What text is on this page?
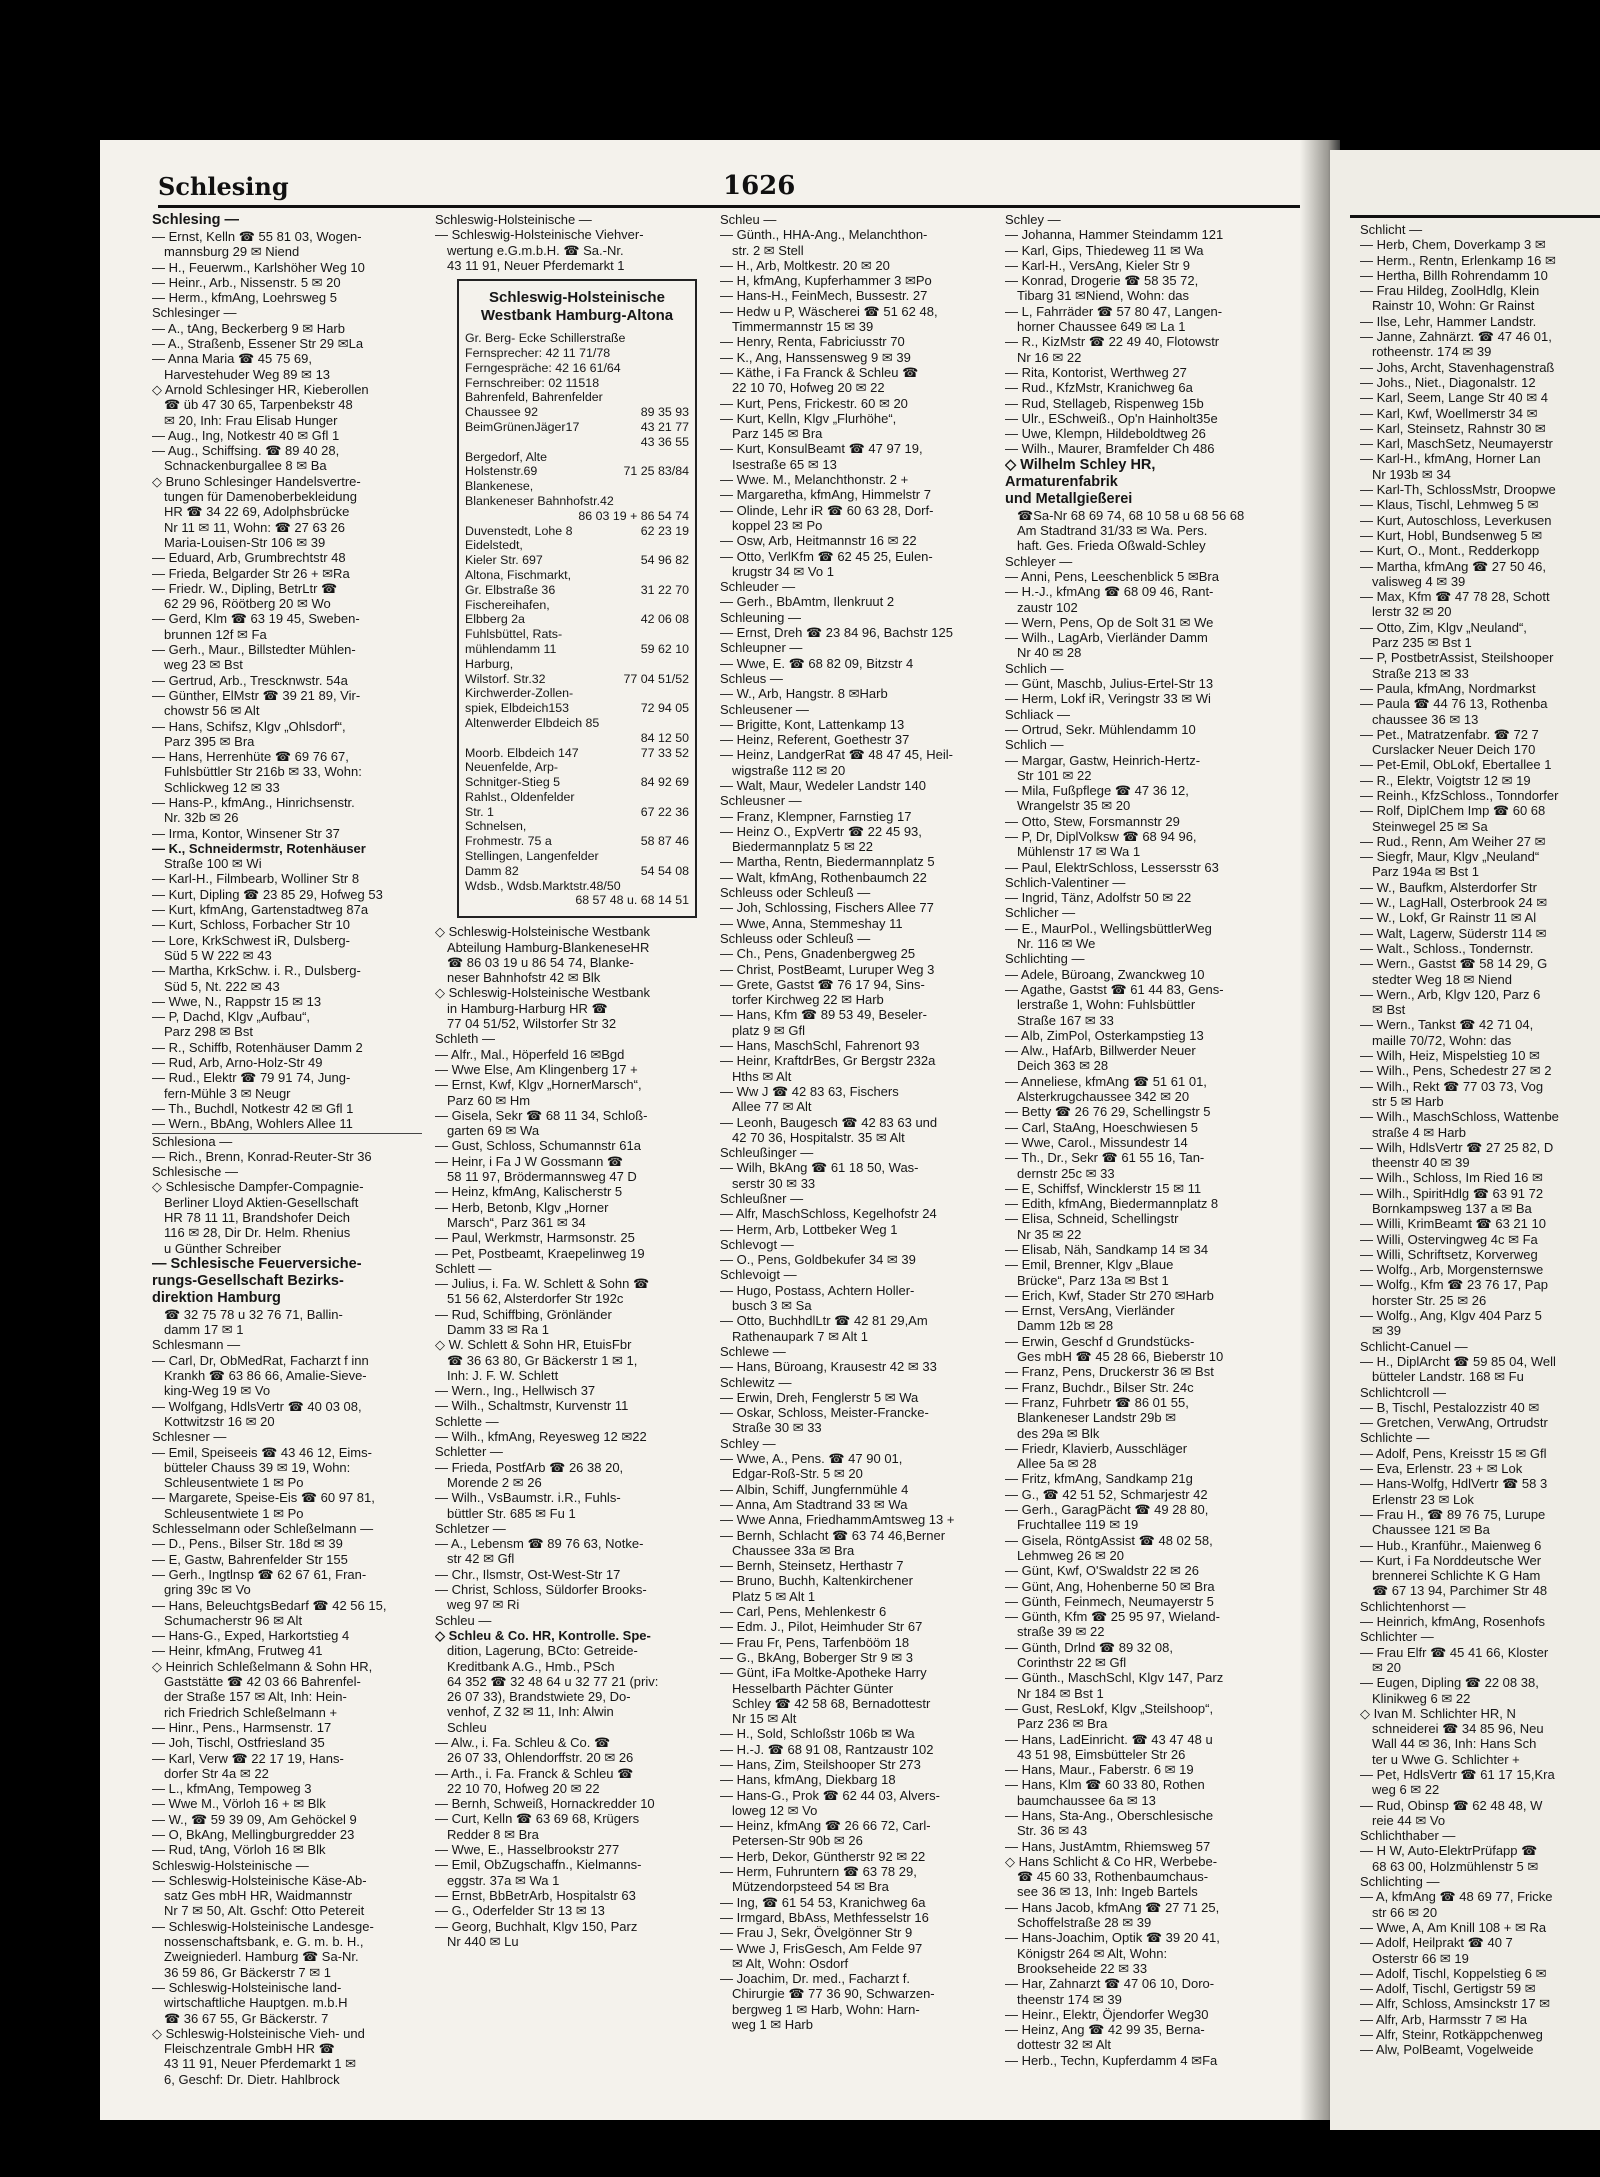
Schlesing	1626
Schlesing —
— Ernst, Kelln ☎ 55 81 03, Wogen-
mannsburg 29 ✉ Niend
— H., Feuerwm., Karlshöher Weg 10
— Heinr., Arb., Nissenstr. 5 ✉ 20
— Herm., kfmAng, Loehrsweg 5
Schlesinger —
— A., tAng, Beckerberg 9 ✉ Harb
— A., Straßenb, Essener Str 29 ✉La
— Anna Maria ☎ 45 75 69,
Harvestehuder Weg 89 ✉ 13
◇ Arnold Schlesinger HR, Kieberollen
☎ üb 47 30 65, Tarpenbekstr 48
✉ 20, Inh: Frau Elisab Hunger
— Aug., Ing, Notkestr 40 ✉ Gfl 1
— Aug., Schiffsing. ☎ 89 40 28,
Schnackenburgallee 8 ✉ Ba
◇ Bruno Schlesinger Handelsvertre-
tungen für Damenoberbekleidung
HR ☎ 34 22 69, Adolphsbrücke
Nr 11 ✉ 11, Wohn: ☎ 27 63 26
Maria-Louisen-Str 106 ✉ 39
— Eduard, Arb, Grumbrechtstr 48
— Frieda, Belgarder Str 26 + ✉Ra
— Friedr. W., Dipling, BetrLtr ☎
62 29 96, Röötberg 20 ✉ Wo
— Gerd, Klm ☎ 63 19 45, Sweben-
brunnen 12f ✉ Fa
— Gerh., Maur., Billstedter Mühlen-
weg 23 ✉ Bst
— Gertrud, Arb., Trescknwstr. 54a
— Günther, ElMstr ☎ 39 21 89, Vir-
chowstr 56 ✉ Alt
— Hans, Schifsz, Klgv „Ohlsdorf“,
Parz 395 ✉ Bra
— Hans, Herrenhüte ☎ 69 76 67,
Fuhlsbüttler Str 216b ✉ 33, Wohn:
Schlickweg 12 ✉ 33
— Hans-P., kfmAng., Hinrichsenstr.
Nr. 32b ✉ 26
— Irma, Kontor, Winsener Str 37
— K., Schneidermstr, Rotenhäuser
Straße 100 ✉ Wi
— Karl-H., Filmbearb, Wolliner Str 8
— Kurt, Dipling ☎ 23 85 29, Hofweg 53
— Kurt, kfmAng, Gartenstadtweg 87a
— Kurt, Schloss, Forbacher Str 10
— Lore, KrkSchwest iR, Dulsberg-
Süd 5 W 222 ✉ 43
— Martha, KrkSchw. i. R., Dulsberg-
Süd 5, Nt. 222 ✉ 43
— Wwe, N., Rappstr 15 ✉ 13
— P, Dachd, Klgv „Aufbau“,
Parz 298 ✉ Bst
— R., Schiffb, Rotenhäuser Damm 2
— Rud, Arb, Arno-Holz-Str 49
— Rud., Elektr ☎ 79 91 74, Jung-
fern-Mühle 3 ✉ Neugr
— Th., Buchdl, Notkestr 42 ✉ Gfl 1
— Wern., BbAng, Wohlers Allee 11
Schlesiona —
— Rich., Brenn, Konrad-Reuter-Str 36
Schlesische —
◇ Schlesische Dampfer-Compagnie-
Berliner Lloyd Aktien-Gesellschaft
HR 78 11 11, Brandshofer Deich
116 ✉ 28, Dir Dr. Helm. Rhenius
u Günther Schreiber
— Schlesische Feuerversiche-
rungs-Gesellschaft Bezirks-
direktion Hamburg
☎ 32 75 78 u 32 76 71, Ballin-
damm 17 ✉ 1
Schlesmann —
— Carl, Dr, ObMedRat, Facharzt f inn
Krankh ☎ 63 86 66, Amalie-Sieve-
king-Weg 19 ✉ Vo
— Wolfgang, HdlsVertr ☎ 40 03 08,
Kottwitzstr 16 ✉ 20
Schlesner —
— Emil, Speiseeis ☎ 43 46 12, Eims-
bütteler Chauss 39 ✉ 19, Wohn:
Schleusentwiete 1 ✉ Po
— Margarete, Speise-Eis ☎ 60 97 81,
Schleusentwiete 1 ✉ Po
Schlesselmann oder Schleßelmann —
— D., Pens., Bilser Str. 18d ✉ 39
— E, Gastw, Bahrenfelder Str 155
— Gerh., Ingtlnsp ☎ 62 67 61, Fran-
gring 39c ✉ Vo
— Hans, BeleuchtgsBedarf ☎ 42 56 15,
Schumacherstr 96 ✉ Alt
— Hans-G., Exped, Harkortstieg 4
— Heinr, kfmAng, Frutweg 41
◇ Heinrich Schleßelmann & Sohn HR,
Gaststätte ☎ 42 03 66 Bahrenfel-
der Straße 157 ✉ Alt, Inh: Hein-
rich Friedrich Schleßelmann +
— Hinr., Pens., Harmsenstr. 17
— Joh, Tischl, Ostfriesland 35
— Karl, Verw ☎ 22 17 19, Hans-
dorfer Str 4a ✉ 22
— L., kfmAng, Tempoweg 3
— Wwe M., Vörloh 16 + ✉ Blk
— W., ☎ 59 39 09, Am Gehöckel 9
— O, BkAng, Mellingburgredder 23
— Rud, tAng, Vörloh 16 ✉ Blk
Schleswig-Holsteinische —
— Schleswig-Holsteinische Käse-Ab-
satz Ges mbH HR, Waidmannstr
Nr 7 ✉ 50, Alt. Gschf: Otto Petereit
— Schleswig-Holsteinische Landesge-
nossenschaftsbank, e. G. m. b. H.,
Zweigniederl. Hamburg ☎ Sa-Nr.
36 59 86, Gr Bäckerstr 7 ✉ 1
— Schleswig-Holsteinische land-
wirtschaftliche Hauptgen. m.b.H
☎ 36 67 55, Gr Bäckerstr. 7
◇ Schleswig-Holsteinische Vieh- und
Fleischzentrale GmbH HR ☎
43 11 91, Neuer Pferdemarkt 1 ✉
6, Geschf: Dr. Dietr. Hahlbrock
Schleswig-Holsteinische —
— Schleswig-Holsteinische Viehver-
wertung e.G.m.b.H. ☎ Sa.-Nr.
43 11 91, Neuer Pferdemarkt 1
Schleswig-Holsteinische Westbank Hamburg-Altona
Gr. Berg- Ecke Schillerstraße
Fernsprecher: 42 11 71/78
Ferngespräche: 42 16 61/64
Fernschreiber: 02 11518
Bahrenfeld, Bahrenfelder
Chaussee 92	89 35 93
BeimGrünenJäger17	43 21 77
43 36 55
Bergedorf, Alte
Holstenstr.69	71 25 83/84
Blankenese,
Blankeneser Bahnhofstr.42
86 03 19 + 86 54 74
Duvenstedt, Lohe 8	62 23 19
Eidelstedt,
Kieler Str. 697	54 96 82
Altona, Fischmarkt,
Gr. Elbstraße 36	31 22 70
Fischereihafen,
Elbberg 2a	42 06 08
Fuhlsbüttel, Rats-
mühlendamm 11	59 62 10
Harburg,
Wilstorf. Str.32	77 04 51/52
Kirchwerder-Zollen-
spiek, Elbdeich153	72 94 05
Altenwerder Elbdeich 85
84 12 50
Moorb. Elbdeich 147	77 33 52
Neuenfelde, Arp-
Schnitger-Stieg 5	84 92 69
Rahlst., Oldenfelder
Str. 1	67 22 36
Schnelsen,
Frohmestr. 75 a	58 87 46
Stellingen, Langenfelder
Damm 82	54 54 08
Wdsb., Wdsb.Marktstr.48/50
68 57 48 u. 68 14 51
◇ Schleswig-Holsteinische Westbank
Abteilung Hamburg-BlankeneseHR
☎ 86 03 19 u 86 54 74, Blanke-
neser Bahnhofstr 42 ✉ Blk
◇ Schleswig-Holsteinische Westbank
in Hamburg-Harburg HR ☎
77 04 51/52, Wilstorfer Str 32
Schleth —
— Alfr., Mal., Höperfeld 16 ✉Bgd
— Wwe Else, Am Klingenberg 17 +
— Ernst, Kwf, Klgv „HornerMarsch“,
Parz 60 ✉ Hm
— Gisela, Sekr ☎ 68 11 34, Schloß-
garten 69 ✉ Wa
— Gust, Schloss, Schumannstr 61a
— Heinr, i Fa J W Gossmann ☎
58 11 97, Brödermannsweg 47 D
— Heinz, kfmAng, Kalischerstr 5
— Herb, Betonb, Klgv „Horner
Marsch“, Parz 361 ✉ 34
— Paul, Werkmstr, Harmsonstr. 25
— Pet, Postbeamt, Kraepelinweg 19
Schlett —
— Julius, i. Fa. W. Schlett & Sohn ☎
51 56 62, Alsterdorfer Str 192c
— Rud, Schiffbing, Grönländer
Damm 33 ✉ Ra 1
◇ W. Schlett & Sohn HR, EtuisFbr
☎ 36 63 80, Gr Bäckerstr 1 ✉ 1,
Inh: J. F. W. Schlett
— Wern., Ing., Hellwisch 37
— Wilh., Schaltmstr, Kurvenstr 11
Schlette —
— Wilh., kfmAng, Reyesweg 12 ✉22
Schletter —
— Frieda, PostfArb ☎ 26 38 20,
Morende 2 ✉ 26
— Wilh., VsBaumstr. i.R., Fuhls-
büttler Str. 685 ✉ Fu 1
Schletzer —
— A., Lebensm ☎ 89 76 63, Notke-
str 42 ✉ Gfl
— Chr., Ilsmstr, Ost-West-Str 17
— Christ, Schloss, Süldorfer Brooks-
weg 97 ✉ Ri
Schleu —
◇ Schleu & Co. HR, Kontrolle. Spe-
dition, Lagerung, BCto: Getreide-
Kreditbank A.G., Hmb., PSch
64 352 ☎ 32 48 64 u 32 77 21 (priv:
26 07 33), Brandstwiete 29, Do-
venhof, Z 32 ✉ 11, Inh: Alwin
Schleu
— Alw., i. Fa. Schleu & Co. ☎
26 07 33, Ohlendorffstr. 20 ✉ 26
— Arth., i. Fa. Franck & Schleu ☎
22 10 70, Hofweg 20 ✉ 22
— Bernh, Schweiß, Hornackredder 10
— Curt, Kelln ☎ 63 69 68, Krügers
Redder 8 ✉ Bra
— Wwe, E., Hasselbrookstr 277
— Emil, ObZugschaffn., Kielmanns-
eggstr. 37a ✉ Wa 1
— Ernst, BbBetrArb, Hospitalstr 63
— G., Oderfelder Str 13 ✉ 13
— Georg, Buchhalt, Klgv 150, Parz
Nr 440 ✉ Lu
Schleu —
— Günth., HHA-Ang., Melanchthon-
str. 2 ✉ Stell
— H., Arb, Moltkestr. 20 ✉ 20
— H, kfmAng, Kupferhammer 3 ✉Po
— Hans-H., FeinMech, Bussestr. 27
— Hedw u P, Wäscherei ☎ 51 62 48,
Timmermannstr 15 ✉ 39
— Henry, Renta, Fabriciusstr 70
— K., Ang, Hanssensweg 9 ✉ 39
— Käthe, i Fa Franck & Schleu ☎
22 10 70, Hofweg 20 ✉ 22
— Kurt, Pens, Frickestr. 60 ✉ 20
— Kurt, Kelln, Klgv „Flurhöhe“,
Parz 145 ✉ Bra
— Kurt, KonsulBeamt ☎ 47 97 19,
Isestraße 65 ✉ 13
— Wwe. M., Melanchthonstr. 2 +
— Margaretha, kfmAng, Himmelstr 7
— Olinde, Lehr iR ☎ 60 63 28, Dorf-
koppel 23 ✉ Po
— Osw, Arb, Heitmannstr 16 ✉ 22
— Otto, VerlKfm ☎ 62 45 25, Eulen-
krugstr 34 ✉ Vo 1
Schleuder —
— Gerh., BbAmtm, Ilenkruut 2
Schleuning —
— Ernst, Dreh ☎ 23 84 96, Bachstr 125
Schleupner —
— Wwe, E. ☎ 68 82 09, Bitzstr 4
Schleus —
— W., Arb, Hangstr. 8 ✉Harb
Schleusener —
— Brigitte, Kont, Lattenkamp 13
— Heinz, Referent, Goethestr 37
— Heinz, LandgerRat ☎ 48 47 45, Heil-
wigstraße 112 ✉ 20
— Walt, Maur, Wedeler Landstr 140
Schleusner —
— Franz, Klempner, Farnstieg 17
— Heinz O., ExpVertr ☎ 22 45 93,
Biedermannplatz 5 ✉ 22
— Martha, Rentn, Biedermannplatz 5
— Walt, kfmAng, Rothenbaumch 22
Schleuss oder Schleuß —
— Joh, Schlossing, Fischers Allee 77
— Wwe, Anna, Stemmeshay 11
Schleuss oder Schleuß —
— Ch., Pens, Gnadenbergweg 25
— Christ, PostBeamt, Luruper Weg 3
— Grete, Gastst ☎ 76 17 94, Sins-
torfer Kirchweg 22 ✉ Harb
— Hans, Kfm ☎ 89 53 49, Beseler-
platz 9 ✉ Gfl
— Hans, MaschSchl, Fahrenort 93
— Heinr, KraftdrBes, Gr Bergstr 232a
Hths ✉ Alt
— Ww J ☎ 42 83 63, Fischers
Allee 77 ✉ Alt
— Leonh, Baugesch ☎ 42 83 63 und
42 70 36, Hospitalstr. 35 ✉ Alt
Schleußinger —
— Wilh, BkAng ☎ 61 18 50, Was-
serstr 30 ✉ 33
Schleußner —
— Alfr, MaschSchloss, Kegelhofstr 24
— Herm, Arb, Lottbeker Weg 1
Schlevogt —
— O., Pens, Goldbekufer 34 ✉ 39
Schlevoigt —
— Hugo, Postass, Achtern Holler-
busch 3 ✉ Sa
— Otto, BuchhdlLtr ☎ 42 81 29,Am
Rathenaupark 7 ✉ Alt 1
Schlewe —
— Hans, Büroang, Krausestr 42 ✉ 33
Schlewitz —
— Erwin, Dreh, Fenglerstr 5 ✉ Wa
— Oskar, Schloss, Meister-Francke-
Straße 30 ✉ 33
Schley —
— Wwe, A., Pens. ☎ 47 90 01,
Edgar-Roß-Str. 5 ✉ 20
— Albin, Schiff, Jungfernmühle 4
— Anna, Am Stadtrand 33 ✉ Wa
— Wwe Anna, FriedhammAmtsweg 13 +
— Bernh, Schlacht ☎ 63 74 46,Berner
Chaussee 33a ✉ Bra
— Bernh, Steinsetz, Herthastr 7
— Bruno, Buchh, Kaltenkirchener
Platz 5 ✉ Alt 1
— Carl, Pens, Mehlenkestr 6
— Edm. J., Pilot, Heimhuder Str 67
— Frau Fr, Pens, Tarfenbööm 18
— G., BkAng, Boberger Str 9 ✉ 3
— Günt, iFa Moltke-Apotheke Harry
Hesselbarth Pächter Günter
Schley ☎ 42 58 68, Bernadottestr
Nr 15 ✉ Alt
— H., Sold, Schloßstr 106b ✉ Wa
— H.-J. ☎ 68 91 08, Rantzaustr 102
— Hans, Zim, Steilshooper Str 273
— Hans, kfmAng, Diekbarg 18
— Hans-G., Prok ☎ 62 44 03, Alvers-
loweg 12 ✉ Vo
— Heinz, kfmAng ☎ 26 66 72, Carl-
Petersen-Str 90b ✉ 26
— Herb, Dekor, Güntherstr 92 ✉ 22
— Herm, Fuhruntern ☎ 63 78 29,
Mützendorpsteed 54 ✉ Bra
— Ing, ☎ 61 54 53, Kranichweg 6a
— Irmgard, BbAss, Methfesselstr 16
— Frau J, Sekr, Övelgönner Str 9
— Wwe J, FrisGesch, Am Felde 97
✉ Alt, Wohn: Osdorf
— Joachim, Dr. med., Facharzt f.
Chirurgie ☎ 77 36 90, Schwarzen-
bergweg 1 ✉ Harb, Wohn: Harn-
weg 1 ✉ Harb
Schley —
— Johanna, Hammer Steindamm 121
— Karl, Gips, Thiedeweg 11 ✉ Wa
— Karl-H., VersAng, Kieler Str 9
— Konrad, Drogerie ☎ 58 35 72,
Tibarg 31 ✉Niend, Wohn: das
— L, Fahrräder ☎ 57 80 47, Langen-
horner Chaussee 649 ✉ La 1
— R., KizMstr ☎ 22 49 40, Flotowstr
Nr 16 ✉ 22
— Rita, Kontorist, Werthweg 27
— Rud., KfzMstr, Kranichweg 6a
— Rud, Stellageb, Rispenweg 15b
— Ulr., ESchweiß., Op'n Hainholt35e
— Uwe, Klempn, Hildeboldtweg 26
— Wilh., Maurer, Bramfelder Ch 486
◇ Wilhelm Schley HR,
Armaturenfabrik
und Metallgießerei
☎Sa-Nr 68 69 74, 68 10 58 u 68 56 68
Am Stadtrand 31/33 ✉ Wa. Pers.
haft. Ges. Frieda Oßwald-Schley
Schleyer —
— Anni, Pens, Leeschenblick 5 ✉Bra
— H.-J., kfmAng ☎ 68 09 46, Rant-
zaustr 102
— Wern, Pens, Op de Solt 31 ✉ We
— Wilh., LagArb, Vierländer Damm
Nr 40 ✉ 28
Schlich —
— Günt, Maschb, Julius-Ertel-Str 13
— Herm, Lokf iR, Veringstr 33 ✉ Wi
Schliack —
— Ortrud, Sekr. Mühlendamm 10
Schlich —
— Margar, Gastw, Heinrich-Hertz-
Str 101 ✉ 22
— Mila, Fußpflege ☎ 47 36 12,
Wrangelstr 35 ✉ 20
— Otto, Stew, Forsmannstr 29
— P, Dr, DiplVolksw ☎ 68 94 96,
Mühlenstr 17 ✉ Wa 1
— Paul, ElektrSchloss, Lessersstr 63
Schlich-Valentiner —
— Ingrid, Tänz, Adolfstr 50 ✉ 22
Schlicher —
— E., MaurPol., WellingsbüttlerWeg
Nr. 116 ✉ We
Schlichting —
— Adele, Büroang, Zwanckweg 10
— Agathe, Gastst ☎ 61 44 83, Gens-
lerstraße 1, Wohn: Fuhlsbüttler
Straße 167 ✉ 33
— Alb, ZimPol, Osterkampstieg 13
— Alw., HafArb, Billwerder Neuer
Deich 363 ✉ 28
— Anneliese, kfmAng ☎ 51 61 01,
Alsterkrugchaussee 342 ✉ 20
— Betty ☎ 26 76 29, Schellingstr 5
— Carl, StaAng, Hoeschwiesen 5
— Wwe, Carol., Missundestr 14
— Th., Dr., Sekr ☎ 61 55 16, Tan-
dernstr 25c ✉ 33
— E, Schiffsf, Wincklerstr 15 ✉ 11
— Edith, kfmAng, Biedermannplatz 8
— Elisa, Schneid, Schellingstr
Nr 35 ✉ 22
— Elisab, Näh, Sandkamp 14 ✉ 34
— Emil, Brenner, Klgv „Blaue
Brücke“, Parz 13a ✉ Bst 1
— Erich, Kwf, Stader Str 270 ✉Harb
— Ernst, VersAng, Vierländer
Damm 12b ✉ 28
— Erwin, Geschf d Grundstücks-
Ges mbH ☎ 45 28 66, Bieberstr 10
— Franz, Pens, Druckerstr 36 ✉ Bst
— Franz, Buchdr., Bilser Str. 24c
— Franz, Fuhrbetr ☎ 86 01 55,
Blankeneser Landstr 29b ✉
des 29a ✉ Blk
— Friedr, Klavierb, Ausschläger
Allee 5a ✉ 28
— Fritz, kfmAng, Sandkamp 21g
— G., ☎ 42 51 52, Schmarjestr 42
— Gerh., GaragPächt ☎ 49 28 80,
Fruchtallee 119 ✉ 19
— Gisela, RöntgAssist ☎ 48 02 58,
Lehmweg 26 ✉ 20
— Günt, Kwf, O'Swaldstr 22 ✉ 26
— Günt, Ang, Hohenberne 50 ✉ Bra
— Günth, Feinmech, Neumayerstr 5
— Günth, Kfm ☎ 25 95 97, Wieland-
straße 39 ✉ 22
— Günth, Drlnd ☎ 89 32 08,
Corinthstr 22 ✉ Gfl
— Günth., MaschSchl, Klgv 147, Parz
Nr 184 ✉ Bst 1
— Gust, ResLokf, Klgv „Steilshoop“,
Parz 236 ✉ Bra
— Hans, LadEinricht. ☎ 43 47 48 u
43 51 98, Eimsbütteler Str 26
— Hans, Maur., Faberstr. 6 ✉ 19
— Hans, Klm ☎ 60 33 80, Rothen
baumchaussee 6a ✉ 13
— Hans, Sta-Ang., Oberschlesische
Str. 36 ✉ 43
— Hans, JustAmtm, Rhiemsweg 57
◇ Hans Schlicht & Co HR, Werbebe-
☎ 45 60 33, Rothenbaumchaus-
see 36 ✉ 13, Inh: Ingeb Bartels
— Hans Jacob, kfmAng ☎ 27 71 25,
Schoffelstraße 28 ✉ 39
— Hans-Joachim, Optik ☎ 39 20 41,
Königstr 264 ✉ Alt, Wohn:
Brookseheide 22 ✉ 33
— Har, Zahnarzt ☎ 47 06 10, Doro-
theenstr 174 ✉ 39
— Heinr., Elektr, Öjendorfer Weg30
— Heinz, Ang ☎ 42 99 35, Berna-
dottestr 32 ✉ Alt
— Herb., Techn, Kupferdamm 4 ✉Fa
Schlicht —
— Herb, Chem, Doverkamp 3 ✉
— Herm., Rentn, Erlenkamp 16 ✉
— Hertha, Billh Rohrendamm 10
— Frau Hildeg, ZoolHdlg, Klein
Rainstr 10, Wohn: Gr Rainst
— Ilse, Lehr, Hammer Landstr.
— Janne, Zahnärzt. ☎ 47 46 01,
rotheenstr. 174 ✉ 39
— Johs, Archt, Stavenhagenstraß
— Johs., Niet., Diagonalstr. 12
— Karl, Seem, Lange Str 40 ✉ 4
— Karl, Kwf, Woellmerstr 34 ✉
— Karl, Steinsetz, Rahnstr 30 ✉
— Karl, MaschSetz, Neumayerstr
— Karl-H., kfmAng, Horner Lan
Nr 193b ✉ 34
— Karl-Th, SchlossMstr, Droopwe
— Klaus, Tischl, Lehmweg 5 ✉
— Kurt, Autoschloss, Leverkusen
— Kurt, Hobl, Bundsenweg 5 ✉
— Kurt, O., Mont., Redderkopp
— Martha, kfmAng ☎ 27 50 46,
valisweg 4 ✉ 39
— Max, Kfm ☎ 47 78 28, Schott
lerstr 32 ✉ 20
— Otto, Zim, Klgv „Neuland“,
Parz 235 ✉ Bst 1
— P, PostbetrAssist, Steilshooper
Straße 213 ✉ 33
— Paula, kfmAng, Nordmarkst
— Paula ☎ 44 76 13, Rothenba
chaussee 36 ✉ 13
— Pet., Matratzenfabr. ☎ 72 7
Curslacker Neuer Deich 170
— Pet-Emil, ObLokf, Ebertallee 1
— R., Elektr, Voigtstr 12 ✉ 19
— Reinh., KfzSchloss., Tonndorfer
— Rolf, DiplChem Imp ☎ 60 68
Steinwegel 25 ✉ Sa
— Rud., Renn, Am Weiher 27 ✉
— Siegfr, Maur, Klgv „Neuland“
Parz 194a ✉ Bst 1
— W., Baufkm, Alsterdorfer Str
— W., LagHall, Osterbrook 24 ✉
— W., Lokf, Gr Rainstr 11 ✉ Al
— Walt, Lagerw, Süderstr 114 ✉
— Walt., Schloss., Tondernstr.
— Wern., Gastst ☎ 58 14 29, G
stedter Weg 18 ✉ Niend
— Wern., Arb, Klgv 120, Parz 6
✉ Bst
— Wern., Tankst ☎ 42 71 04,
maille 70/72, Wohn: das
— Wilh, Heiz, Mispelstieg 10 ✉
— Wilh., Pens, Schedestr 27 ✉ 2
— Wilh., Rekt ☎ 77 03 73, Vog
str 5 ✉ Harb
— Wilh., MaschSchloss, Wattenbe
straße 4 ✉ Harb
— Wilh, HdlsVertr ☎ 27 25 82, D
theenstr 40 ✉ 39
— Wilh., Schloss, Im Ried 16 ✉
— Wilh., SpiritHdlg ☎ 63 91 72
Bornkampsweg 137 a ✉ Ba
— Willi, KrimBeamt ☎ 63 21 10
— Willi, Ostervingweg 4c ✉ Fa
— Willi, Schriftsetz, Korverweg
— Wolfg., Arb, Morgensternswe
— Wolfg., Kfm ☎ 23 76 17, Pap
horster Str. 25 ✉ 26
— Wolfg., Ang, Klgv 404 Parz 5
✉ 39
Schlicht-Canuel —
— H., DiplArcht ☎ 59 85 04, Well
bütteler Landstr. 168 ✉ Fu
Schlichtcroll —
— B, Tischl, Pestalozzistr 40 ✉
— Gretchen, VerwAng, Ortrudstr
Schlichte —
— Adolf, Pens, Kreisstr 15 ✉ Gfl
— Eva, Erlenstr. 23 + ✉ Lok
— Hans-Wolfg, HdlVertr ☎ 58 3
Erlenstr 23 ✉ Lok
— Frau H., ☎ 89 76 75, Lurupe
Chaussee 121 ✉ Ba
— Hub., Kranführ., Maienweg 6
— Kurt, i Fa Norddeutsche Wer
brennerei Schlichte K G Ham
☎ 67 13 94, Parchimer Str 48
Schlichtenhorst —
— Heinrich, kfmAng, Rosenhofs
Schlichter —
— Frau Elfr ☎ 45 41 66, Kloster
✉ 20
— Eugen, Dipling ☎ 22 08 38,
Klinikweg 6 ✉ 22
◇ Ivan M. Schlichter HR, N
schneiderei ☎ 34 85 96, Neu
Wall 44 ✉ 36, Inh: Hans Sch
ter u Wwe G. Schlichter +
— Pet, HdlsVertr ☎ 61 17 15,Kra
weg 6 ✉ 22
— Rud, Obinsp ☎ 62 48 48, W
reie 44 ✉ Vo
Schlichthaber —
— H W, Auto-ElektrPrüfapp ☎
68 63 00, Holzmühlenstr 5 ✉
Schlichting —
— A, kfmAng ☎ 48 69 77, Fricke
str 66 ✉ 20
— Wwe, A, Am Knill 108 + ✉ Ra
— Adolf, Heilprakt ☎ 40 7
Osterstr 66 ✉ 19
— Adolf, Tischl, Koppelstieg 6 ✉
— Adolf, Tischl, Gertigstr 59 ✉
— Alfr, Schloss, Amsinckstr 17 ✉
— Alfr, Arb, Harmsstr 7 ✉ Ha
— Alfr, Steinr, Rotkäppchenweg
— Alw, PolBeamt, Vogelweide
